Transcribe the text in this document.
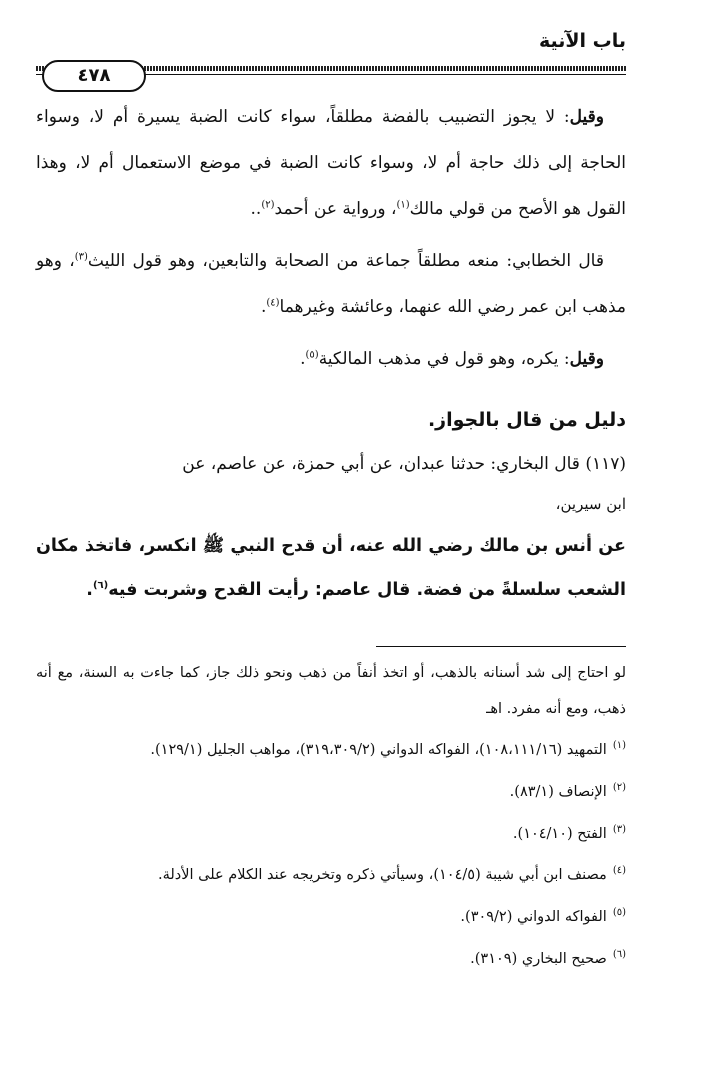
باب الآنية
٤٧٨

وقيل: لا يجوز التضبيب بالفضة مطلقاً، سواء كانت الضبة يسيرة أم لا، وسواء الحاجة إلى ذلك حاجة أم لا، وسواء كانت الضبة في موضع الاستعمال أم لا، وهذا القول هو الأصح من قولي مالك$^{(١)}$، ورواية عن أحمد$^{(٢)}$..

قال الخطابي: منعه مطلقاً جماعة من الصحابة والتابعين، وهو قول الليث$^{(٣)}$، وهو مذهب ابن عمر رضي الله عنهما، وعائشة وغيرهما$^{(٤)}$.

وقيل: يكره، وهو قول في مذهب المالكية$^{(٥)}$.

دليل من قال بالجواز.

(١١٧) قال البخاري: حدثنا عبدان، عن أبي حمزة، عن عاصم، عن

ابن سيرين،

عن أنس بن مالك رضي الله عنه، أن قدح النبي ﷺ انكسر، فاتخذ مكان الشعب سلسلةً من فضة. قال عاصم: رأيت القدح وشربت فيه$^{(٦)}$.

لو احتاج إلى شد أسنانه بالذهب، أو اتخذ أنفاً من ذهب ونحو ذلك جاز، كما جاءت به السنة، مع أنه ذهب، ومع أنه مفرد. اهـ

$^{(١)}$التمهيد (١٠٨،١١١/١٦)، الفواكه الدواني (٣١٩،٣٠٩/٢)، مواهب الجليل (١٢٩/١).

$^{(٢)}$الإنصاف (٨٣/١).

$^{(٣)}$الفتح (١٠٤/١٠).

$^{(٤)}$مصنف ابن أبي شيبة (١٠٤/٥)، وسيأتي ذكره وتخريجه عند الكلام على الأدلة.

$^{(٥)}$الفواكه الدواني (٣٠٩/٢).

$^{(٦)}$صحيح البخاري (٣١٠٩).
